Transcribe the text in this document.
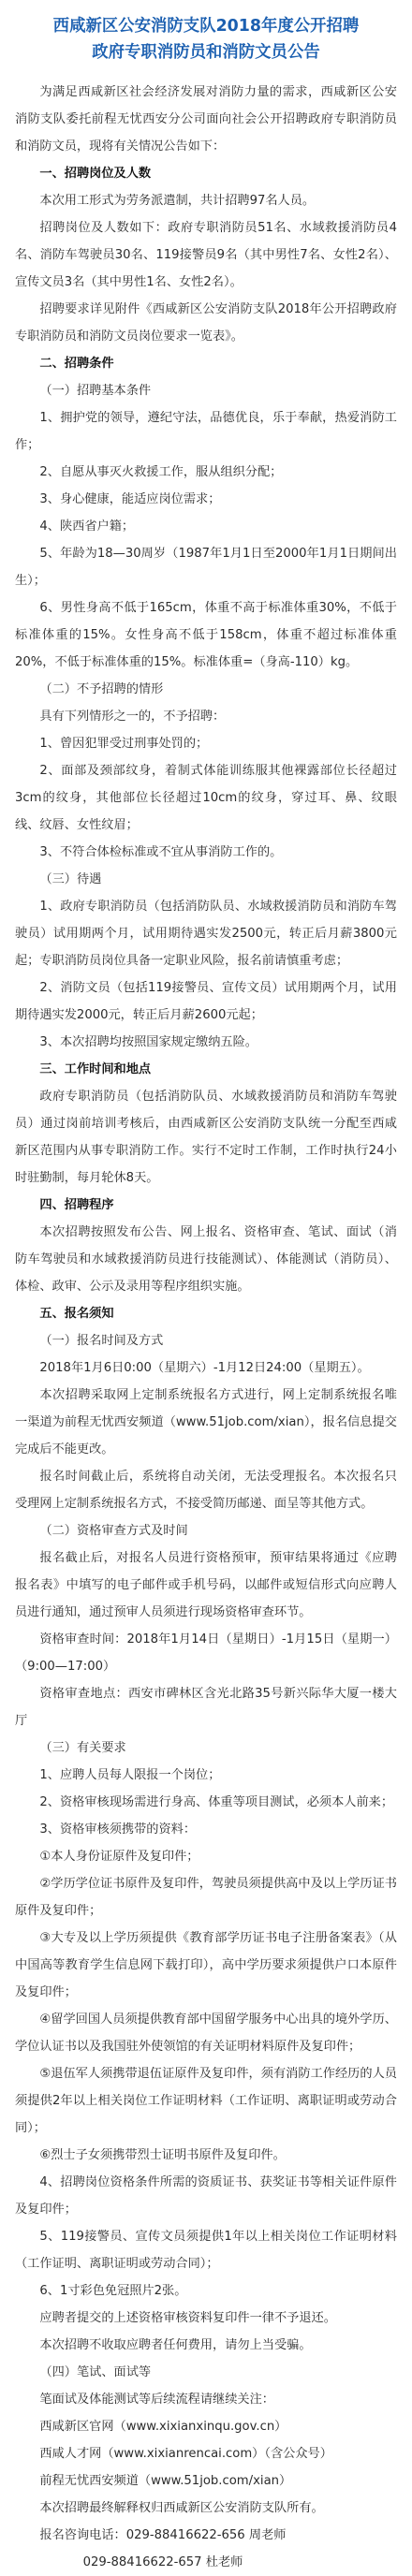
西咸新区公安消防支队2018年度公开招聘
政府专职消防员和消防文员公告

为满足西咸新区社会经济发展对消防力量的需求，西咸新区公安消防支队委托前程无忧西安分公司面向社会公开招聘政府专职消防员和消防文员，现将有关情况公告如下：

一、招聘岗位及人数

本次用工形式为劳务派遣制，共计招聘97名人员。

招聘岗位及人数如下：政府专职消防员51名、水域救援消防员4名、消防车驾驶员30名、119接警员9名（其中男性7名、女性2名）、宣传文员3名（其中男性1名、女性2名）。

招聘要求详见附件《西咸新区公安消防支队2018年公开招聘政府专职消防员和消防文员岗位要求一览表》。

二、招聘条件

（一）招聘基本条件

1、拥护党的领导，遵纪守法，品德优良，乐于奉献，热爱消防工作；

2、自愿从事灭火救援工作，服从组织分配；

3、身心健康，能适应岗位需求；

4、陕西省户籍；

5、年龄为18—30周岁（1987年1月1日至2000年1月1日期间出生）；

6、男性身高不低于165cm，体重不高于标准体重30%，不低于标准体重的15%。女性身高不低于158cm，体重不超过标准体重20%，不低于标准体重的15%。标准体重=（身高-110）kg。

（二）不予招聘的情形

具有下列情形之一的，不予招聘：

1、曾因犯罪受过刑事处罚的；

2、面部及颈部纹身，着制式体能训练服其他裸露部位长径超过3cm的纹身，其他部位长径超过10cm的纹身，穿过耳、鼻、纹眼线、纹唇、女性纹眉；

3、不符合体检标准或不宜从事消防工作的。

（三）待遇

1、政府专职消防员（包括消防队员、水域救援消防员和消防车驾驶员）试用期两个月，试用期待遇实发2500元，转正后月薪3800元起；专职消防员岗位具备一定职业风险，报名前请慎重考虑；

2、消防文员（包括119接警员、宣传文员）试用期两个月，试用期待遇实发2000元，转正后月薪2600元起；

3、本次招聘均按照国家规定缴纳五险。

三、工作时间和地点

政府专职消防员（包括消防队员、水域救援消防员和消防车驾驶员）通过岗前培训考核后，由西咸新区公安消防支队统一分配至西咸新区范围内从事专职消防工作。实行不定时工作制，工作时执行24小时驻勤制，每月轮休8天。

四、招聘程序

本次招聘按照发布公告、网上报名、资格审查、笔试、面试（消防车驾驶员和水域救援消防员进行技能测试）、体能测试（消防员）、体检、政审、公示及录用等程序组织实施。

五、报名须知

（一）报名时间及方式

2018年1月6日0:00（星期六）-1月12日24:00（星期五）。

本次招聘采取网上定制系统报名方式进行，网上定制系统报名唯一渠道为前程无忧西安频道（www.51job.com/xian），报名信息提交完成后不能更改。

报名时间截止后，系统将自动关闭，无法受理报名。本次报名只受理网上定制系统报名方式，不接受简历邮递、面呈等其他方式。

（二）资格审查方式及时间

报名截止后，对报名人员进行资格预审，预审结果将通过《应聘报名表》中填写的电子邮件或手机号码，以邮件或短信形式向应聘人员进行通知，通过预审人员须进行现场资格审查环节。

资格审查时间：2018年1月14日（星期日）-1月15日（星期一）（9:00—17:00）

资格审查地点：西安市碑林区含光北路35号新兴际华大厦一楼大厅

（三）有关要求

1、应聘人员每人限报一个岗位；

2、资格审核现场需进行身高、体重等项目测试，必须本人前来；

3、资格审核须携带的资料：

①本人身份证原件及复印件；

②学历学位证书原件及复印件，驾驶员须提供高中及以上学历证书原件及复印件；

③大专及以上学历须提供《教育部学历证书电子注册备案表》（从中国高等教育学生信息网下载打印），高中学历要求须提供户口本原件及复印件；

④留学回国人员须提供教育部中国留学服务中心出具的境外学历、学位认证书以及我国驻外使领馆的有关证明材料原件及复印件；

⑤退伍军人须携带退伍证原件及复印件，须有消防工作经历的人员须提供2年以上相关岗位工作证明材料（工作证明、离职证明或劳动合同）；

⑥烈士子女须携带烈士证明书原件及复印件。

4、招聘岗位资格条件所需的资质证书、获奖证书等相关证件原件及复印件；

5、119接警员、宣传文员须提供1年以上相关岗位工作证明材料（工作证明、离职证明或劳动合同）；

6、1寸彩色免冠照片2张。

应聘者提交的上述资格审核资料复印件一律不予退还。

本次招聘不收取应聘者任何费用，请勿上当受骗。

（四）笔试、面试等

笔面试及体能测试等后续流程请继续关注：

西咸新区官网（www.xixianxinqu.gov.cn）

西咸人才网（www.xixianrencai.com）（含公众号）

前程无忧西安频道（www.51job.com/xian）

本次招聘最终解释权归西咸新区公安消防支队所有。

报名咨询电话：029-88416622-656 周老师

029-88416622-657 杜老师
